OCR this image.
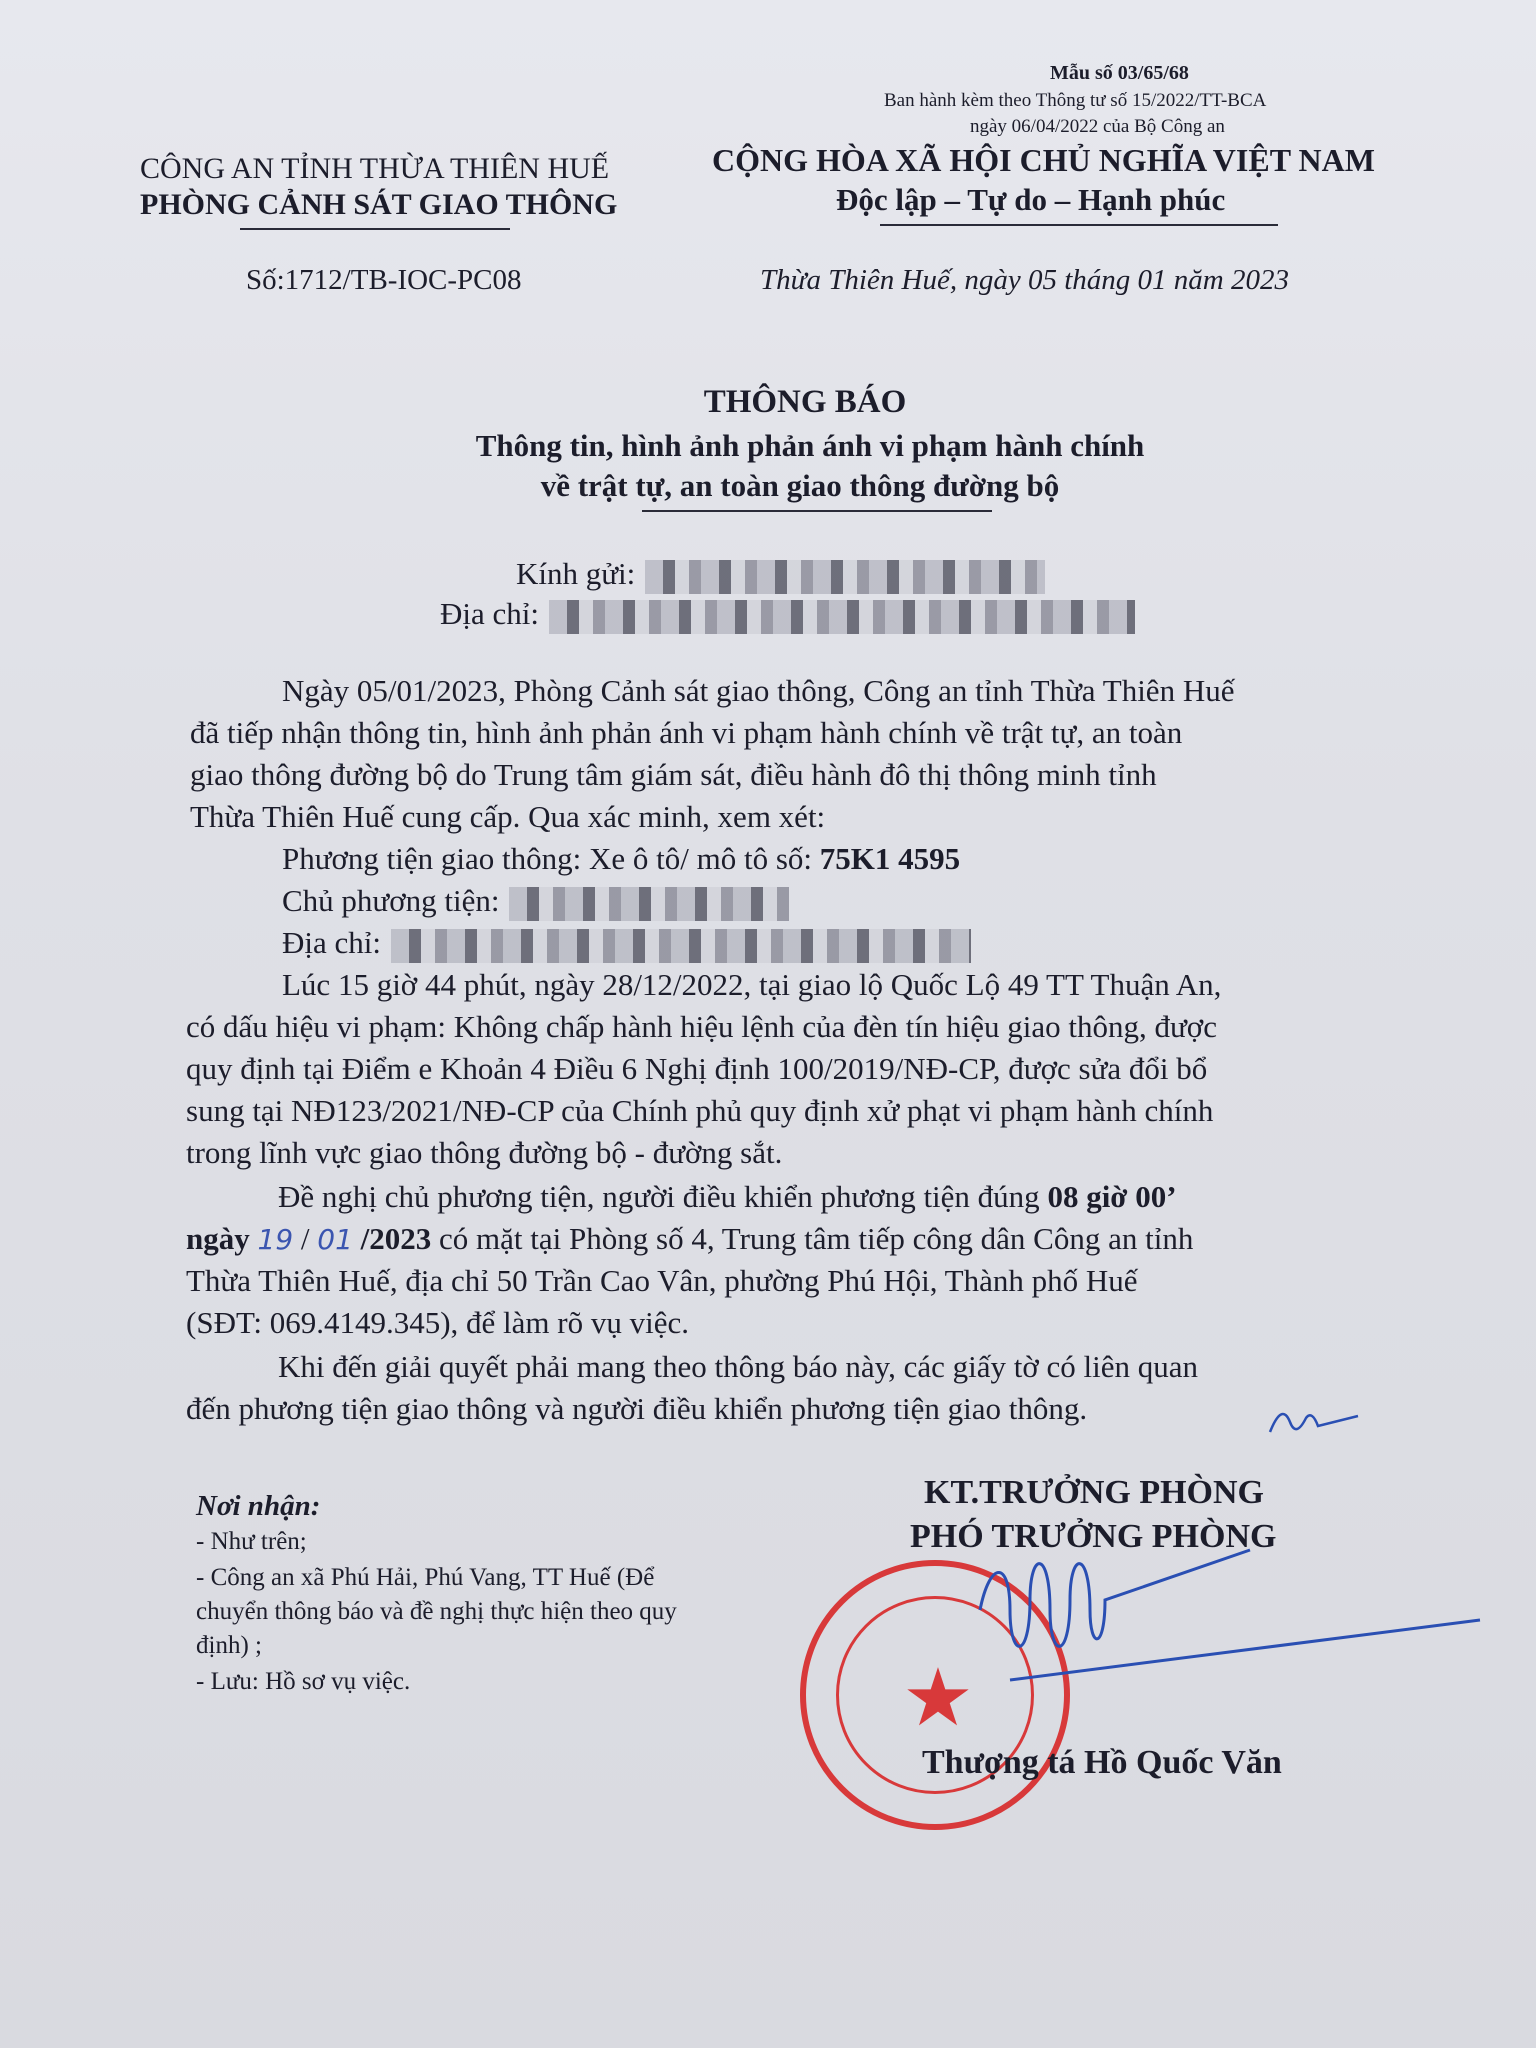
Mẫu số 03/65/68
Ban hành kèm theo Thông tư số 15/2022/TT-BCA
ngày 06/04/2022 của Bộ Công an
CÔNG AN TỈNH THỪA THIÊN HUẾ
PHÒNG CẢNH SÁT GIAO THÔNG
CỘNG HÒA XÃ HỘI CHỦ NGHĨA VIỆT NAM
Độc lập – Tự do – Hạnh phúc
Số:1712/TB-IOC-PC08	Thừa Thiên Huế, ngày 05 tháng 01 năm 2023
THÔNG BÁO
Thông tin, hình ảnh phản ánh vi phạm hành chính
về trật tự, an toàn giao thông đường bộ
Kính gửi:
Địa chỉ:
Ngày 05/01/2023, Phòng Cảnh sát giao thông, Công an tỉnh Thừa Thiên Huế
đã tiếp nhận thông tin, hình ảnh phản ánh vi phạm hành chính về trật tự, an toàn
giao thông đường bộ do Trung tâm giám sát, điều hành đô thị thông minh tỉnh
Thừa Thiên Huế cung cấp. Qua xác minh, xem xét:
Phương tiện giao thông: Xe ô tô/ mô tô số: 75K1 4595
Chủ phương tiện:
Địa chỉ:
Lúc 15 giờ 44 phút, ngày 28/12/2022, tại giao lộ Quốc Lộ 49 TT Thuận An,
có dấu hiệu vi phạm: Không chấp hành hiệu lệnh của đèn tín hiệu giao thông, được
quy định tại Điểm e Khoản 4 Điều 6 Nghị định 100/2019/NĐ-CP, được sửa đổi bổ
sung tại NĐ123/2021/NĐ-CP của Chính phủ quy định xử phạt vi phạm hành chính
trong lĩnh vực giao thông đường bộ - đường sắt.
Đề nghị chủ phương tiện, người điều khiển phương tiện đúng 08 giờ 00’
ngày 19 / 01 /2023 có mặt tại Phòng số 4, Trung tâm tiếp công dân Công an tỉnh
Thừa Thiên Huế, địa chỉ 50 Trần Cao Vân, phường Phú Hội, Thành phố Huế
(SĐT: 069.4149.345), để làm rõ vụ việc.
Khi đến giải quyết phải mang theo thông báo này, các giấy tờ có liên quan
đến phương tiện giao thông và người điều khiển phương tiện giao thông.
Nơi nhận:
- Như trên;
- Công an xã Phú Hải, Phú Vang, TT Huế (Để
chuyển thông báo và đề nghị thực hiện theo quy
định) ;
- Lưu: Hồ sơ vụ việc.
KT.TRƯỞNG PHÒNG
PHÓ TRƯỞNG PHÒNG
★
Thượng tá Hồ Quốc Văn
